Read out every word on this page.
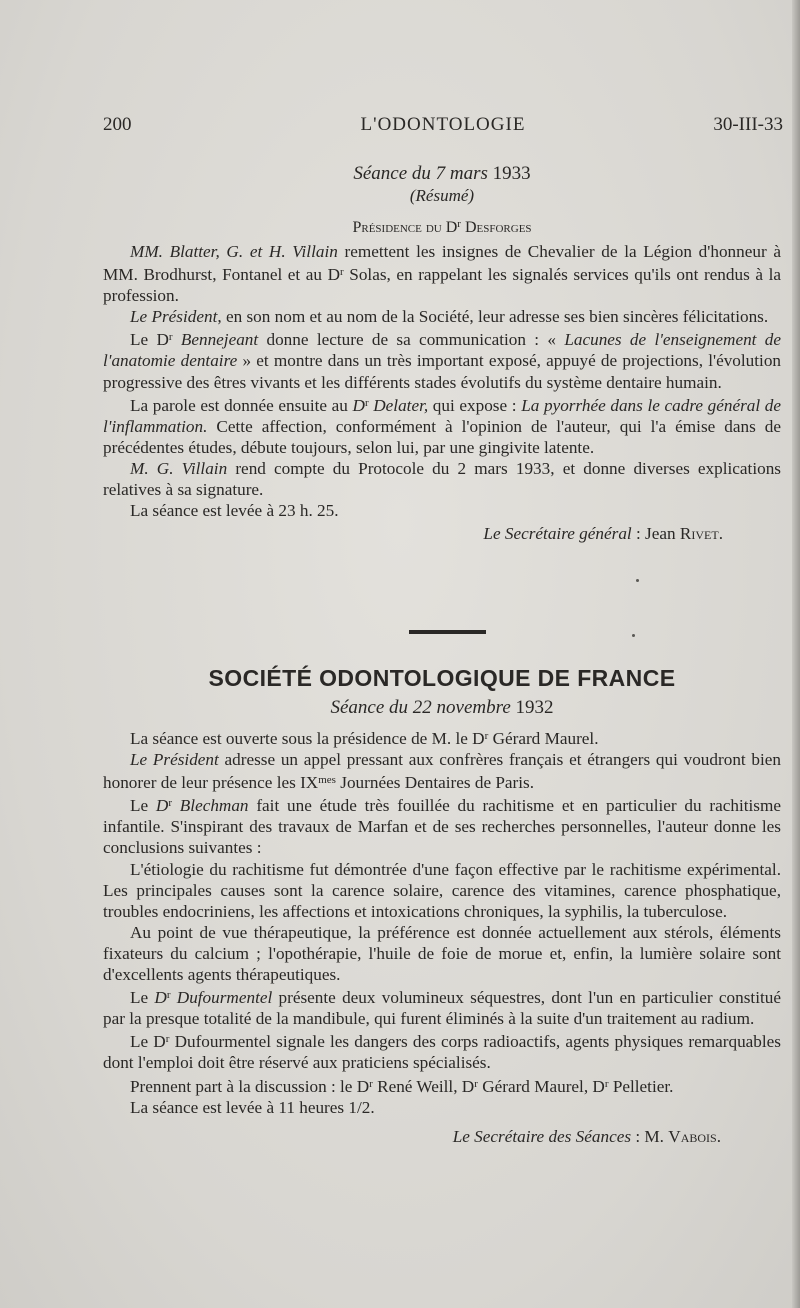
200	L'ODONTOLOGIE	30-III-33
Séance du 7 mars 1933
(Résumé)
Présidence du $D^r$ Desforges

MM. Blatter, G. et H. Villain remettent les insignes de Chevalier de la Légion d'honneur à MM. Brodhurst, Fontanel et au $D^r$ Solas, en rappelant les signalés services qu'ils ont rendus à la profession.

Le Président, en son nom et au nom de la Société, leur adresse ses bien sincères félicitations.

Le $D^r$ Bennejeant donne lecture de sa communication : « Lacunes de l'enseignement de l'anatomie dentaire » et montre dans un très important exposé, appuyé de projections, l'évolution progressive des êtres vivants et les différents stades évolutifs du système dentaire humain.

La parole est donnée ensuite au $D^r$ Delater, qui expose : La pyorrhée dans le cadre général de l'inflammation. Cette affection, conformément à l'opinion de l'auteur, qui l'a émise dans de précédentes études, débute toujours, selon lui, par une gingivite latente.

M. G. Villain rend compte du Protocole du 2 mars 1933, et donne diverses explications relatives à sa signature.

La séance est levée à 23 h. 25.

Le Secrétaire général : Jean Rivet.
SOCIÉTÉ ODONTOLOGIQUE DE FRANCE
Séance du 22 novembre 1932

La séance est ouverte sous la présidence de M. le $D^r$ Gérard Maurel.

Le Président adresse un appel pressant aux confrères français et étrangers qui voudront bien honorer de leur présence les $IX^{mes}$ Journées Dentaires de Paris.

Le $D^r$ Blechman fait une étude très fouillée du rachitisme et en particulier du rachitisme infantile. S'inspirant des travaux de Marfan et de ses recherches personnelles, l'auteur donne les conclusions suivantes :

L'étiologie du rachitisme fut démontrée d'une façon effective par le rachitisme expérimental. Les principales causes sont la carence solaire, carence des vitamines, carence phosphatique, troubles endocriniens, les affections et intoxications chroniques, la syphilis, la tuberculose.

Au point de vue thérapeutique, la préférence est donnée actuellement aux stérols, éléments fixateurs du calcium ; l'opothérapie, l'huile de foie de morue et, enfin, la lumière solaire sont d'excellents agents thérapeutiques.

Le $D^r$ Dufourmentel présente deux volumineux séquestres, dont l'un en particulier constitué par la presque totalité de la mandibule, qui furent éliminés à la suite d'un traitement au radium.

Le $D^r$ Dufourmentel signale les dangers des corps radioactifs, agents physiques remarquables dont l'emploi doit être réservé aux praticiens spécialisés.

Prennent part à la discussion : le $D^r$ René Weill, $D^r$ Gérard Maurel, $D^r$ Pelletier.

La séance est levée à 11 heures 1/2.

Le Secrétaire des Séances : M. Vabois.
